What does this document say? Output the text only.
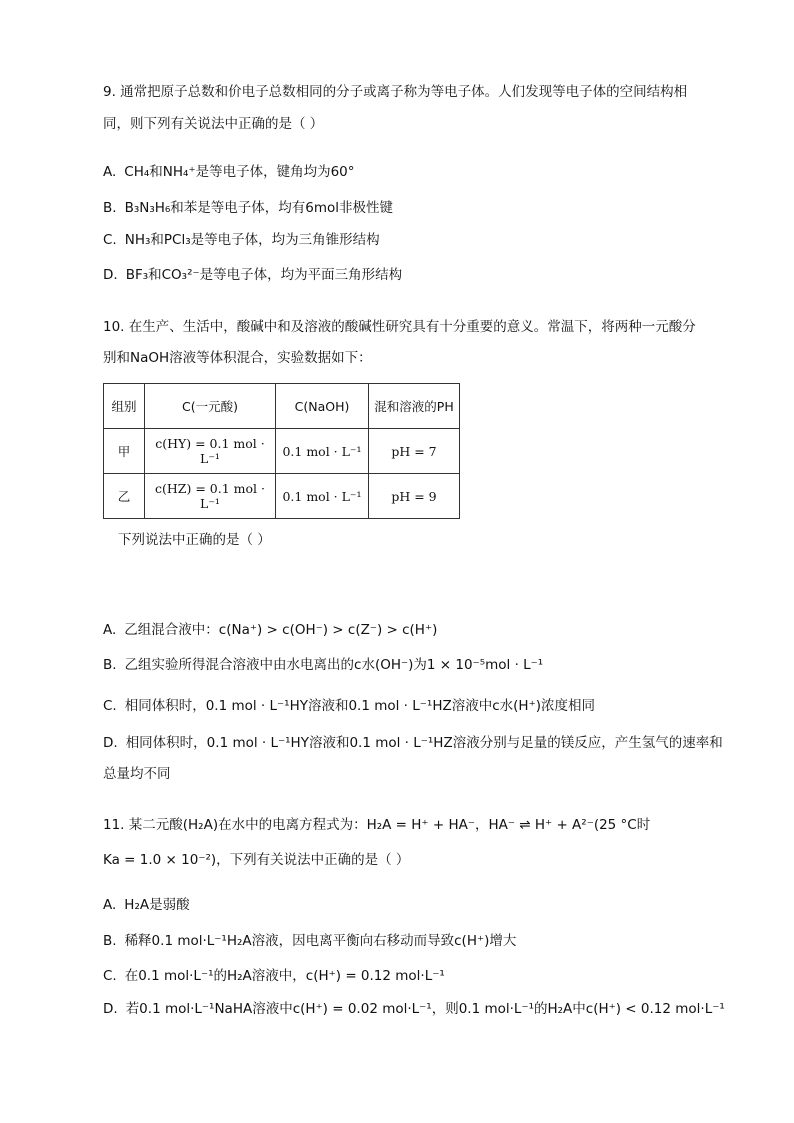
9. 通常把原子总数和价电子总数相同的分子或离子称为等电子体。人们发现等电子体的空间结构相
同，则下列有关说法中正确的是（ ）
A. CH₄和NH₄⁺是等电子体，键角均为60°
B. B₃N₃H₆和苯是等电子体，均有6mol非极性键
C. NH₃和PCl₃是等电子体，均为三角锥形结构
D. BF₃和CO₃²⁻是等电子体，均为平面三角形结构
10. 在生产、生活中，酸碱中和及溶液的酸碱性研究具有十分重要的意义。常温下，将两种一元酸分
别和NaOH溶液等体积混合，实验数据如下：
组别	C(一元酸)	C(NaOH)	混和溶液的PH
甲	c(HY) = 0.1 mol · L⁻¹	0.1 mol · L⁻¹	pH = 7
乙	c(HZ) = 0.1 mol · L⁻¹	0.1 mol · L⁻¹	pH = 9
下列说法中正确的是（ ）
A. 乙组混合液中：c(Na⁺) > c(OH⁻) > c(Z⁻) > c(H⁺)
B. 乙组实验所得混合溶液中由水电离出的c水(OH⁻)为1 × 10⁻⁵mol · L⁻¹
C. 相同体积时，0.1 mol · L⁻¹HY溶液和0.1 mol · L⁻¹HZ溶液中c水(H⁺)浓度相同
D. 相同体积时，0.1 mol · L⁻¹HY溶液和0.1 mol · L⁻¹HZ溶液分别与足量的镁反应，产生氢气的速率和
总量均不同
11. 某二元酸(H₂A)在水中的电离方程式为：H₂A = H⁺ + HA⁻，HA⁻ ⇌ H⁺ + A²⁻(25 °C时
Ka = 1.0 × 10⁻²)，下列有关说法中正确的是（ ）
A. H₂A是弱酸
B. 稀释0.1 mol·L⁻¹H₂A溶液，因电离平衡向右移动而导致c(H⁺)增大
C. 在0.1 mol·L⁻¹的H₂A溶液中，c(H⁺) = 0.12 mol·L⁻¹
D. 若0.1 mol·L⁻¹NaHA溶液中c(H⁺) = 0.02 mol·L⁻¹，则0.1 mol·L⁻¹的H₂A中c(H⁺) < 0.12 mol·L⁻¹
